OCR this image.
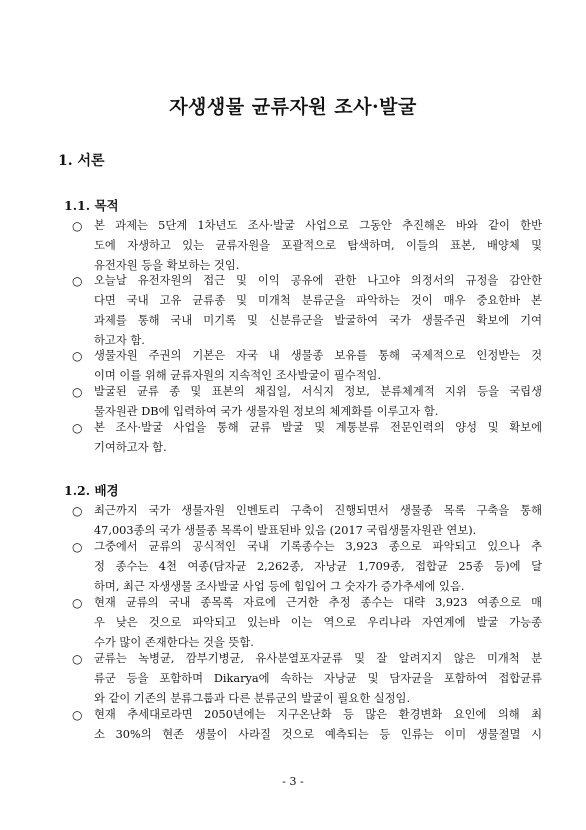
자생생물 균류자원 조사·발굴
1. 서론
1.1. 목적
○	본 과제는 5단계 1차년도 조사·발굴 사업으로 그동안 추진해온 바와 같이 한반
도에 자생하고 있는 균류자원을 포괄적으로 탐색하며, 이들의 표본, 배양체 및
유전자원 등을 확보하는 것임.
○	오늘날 유전자원의 접근 및 이익 공유에 관한 나고야 의정서의 규정을 감안한
다면 국내 고유 균류종 및 미개척 분류군을 파악하는 것이 매우 중요한바 본
과제를 통해 국내 미기록 및 신분류군을 발굴하여 국가 생물주권 확보에 기여
하고자 함.
○	생물자원 주권의 기본은 자국 내 생물종 보유를 통해 국제적으로 인정받는 것
이며 이를 위해 균류자원의 지속적인 조사발굴이 필수적임.
○	발굴된 균류 종 및 표본의 채집일, 서식지 정보, 분류체계적 지위 등을 국립생
물자원관 DB에 입력하여 국가 생물자원 정보의 체계화를 이루고자 함.
○	본 조사·발굴 사업을 통해 균류 발굴 및 계통분류 전문인력의 양성 및 확보에
기여하고자 함.
1.2. 배경
○	최근까지 국가 생물자원 인벤토리 구축이 진행되면서 생물종 목록 구축을 통해
47,003종의 국가 생물종 목록이 발표된바 있음 (2017 국립생물자원관 연보).
○	그중에서 균류의 공식적인 국내 기록종수는 3,923 종으로 파악되고 있으나 추
정 종수는 4천 여종(담자균 2,262종, 자낭균 1,709종, 접합균 25종 등)에 달
하며, 최근 자생생물 조사발굴 사업 등에 힘입어 그 숫자가 증가추세에 있음.
○	현재 균류의 국내 종목록 자료에 근거한 추정 종수는 대략 3,923 여종으로 매
우 낮은 것으로 파악되고 있는바 이는 역으로 우리나라 자연계에 발굴 가능종
수가 많이 존재한다는 것을 뜻함.
○	균류는 녹병균, 깜부기병균, 유사분열포자균류 및 잘 알려지지 않은 미개척 분
류군 등을 포함하며 Dikarya에 속하는 자낭균 및 담자균을 포함하여 접합균류
와 같이 기존의 분류그룹과 다른 분류군의 발굴이 필요한 실정임.
○	현재 추세대로라면 2050년에는 지구온난화 등 많은 환경변화 요인에 의해 최
소 30%의 현존 생물이 사라질 것으로 예측되는 등 인류는 이미 생물절멸 시
- 3 -
